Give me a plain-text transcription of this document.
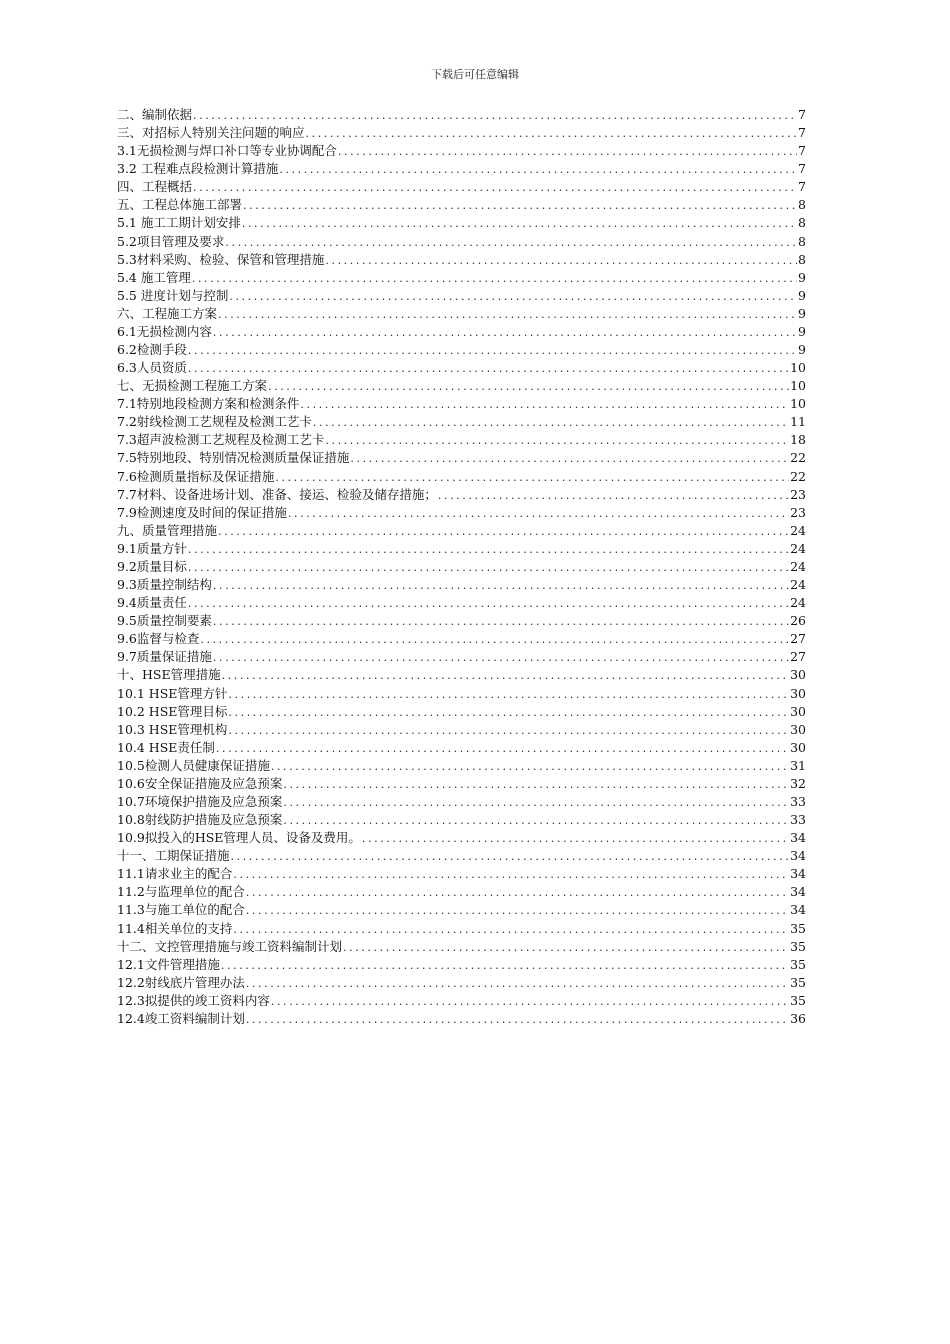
下载后可任意编辑
二、编制依据 .....	7
三、对招标人特别关注问题的响应 .....	7
3.1无损检测与焊口补口等专业协调配合 .....	7
3.2 工程难点段检测计算措施 .....	7
四、工程概括 .....	7
五、工程总体施工部署 .....	8
5.1 施工工期计划安排 .....	8
5.2项目管理及要求 .....	8
5.3材料采购、检验、保管和管理措施 .....	8
5.4 施工管理 .....	9
5.5 进度计划与控制 .....	9
六、工程施工方案 .....	9
6.1无损检测内容 .....	9
6.2检测手段 .....	9
6.3人员资质 .....	10
七、无损检测工程施工方案 .....	10
7.1特别地段检测方案和检测条件 .....	10
7.2射线检测工艺规程及检测工艺卡 .....	11
7.3超声波检测工艺规程及检测工艺卡 .....	18
7.5特别地段、特别情况检测质量保证措施 .....	22
7.6检测质量指标及保证措施 .....	22
7.7材料、设备进场计划、准备、接运、检验及储存措施； .....	23
7.9检测速度及时间的保证措施 .....	23
九、质量管理措施 .....	24
9.1质量方针 .....	24
9.2质量目标 .....	24
9.3质量控制结构 .....	24
9.4质量责任 .....	24
9.5质量控制要素 .....	26
9.6监督与检查 .....	27
9.7质量保证措施 .....	27
十、HSE管理措施 .....	30
10.1 HSE管理方针 .....	30
10.2 HSE管理目标 .....	30
10.3 HSE管理机构 .....	30
10.4 HSE责任制 .....	30
10.5检测人员健康保证措施 .....	31
10.6安全保证措施及应急预案 .....	32
10.7环境保护措施及应急预案 .....	33
10.8射线防护措施及应急预案 .....	33
10.9拟投入的HSE管理人员、设备及费用。 .....	34
十一、工期保证措施 .....	34
11.1请求业主的配合 .....	34
11.2与监理单位的配合 .....	34
11.3与施工单位的配合 .....	34
11.4相关单位的支持 .....	35
十二、文控管理措施与竣工资料编制计划 .....	35
12.1文件管理措施 .....	35
12.2射线底片管理办法 .....	35
12.3拟提供的竣工资料内容 .....	35
12.4竣工资料编制计划 .....	36
